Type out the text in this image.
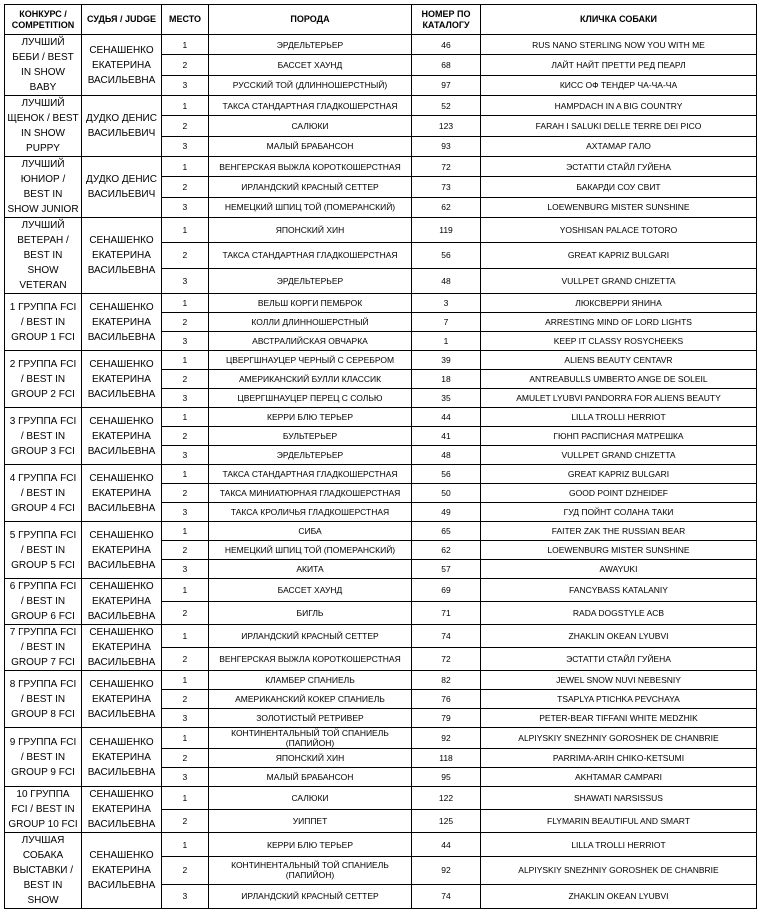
КОНКУРС / COMPETITION	СУДЬЯ / JUDGE	МЕСТО	ПОРОДА	НОМЕР ПО КАТАЛОГУ	КЛИЧКА СОБАКИ
ЛУЧШИЙ БЕБИ / BEST IN SHOW BABY	СЕНАШЕНКО ЕКАТЕРИНА ВАСИЛЬЕВНА	1	ЭРДЕЛЬТЕРЬЕР	46	RUS NANO STERLING NOW YOU WITH ME
		2	БАССЕТ ХАУНД	68	ЛАЙТ НАЙТ ПРЕТТИ РЕД ПЕАРЛ
		3	РУССКИЙ ТОЙ (ДЛИННОШЕРСТНЫЙ)	97	КИСС ОФ ТЕНДЕР ЧА-ЧА-ЧА
ЛУЧШИЙ ЩЕНОК / BEST IN SHOW PUPPY	ДУДКО ДЕНИС ВАСИЛЬЕВИЧ	1	ТАКСА СТАНДАРТНАЯ ГЛАДКОШЕРСТНАЯ	52	HAMPDACH IN A BIG COUNTRY
		2	САЛЮКИ	123	FARAH I SALUKI DELLE TERRE DEI PICO
		3	МАЛЫЙ БРАБАНСОН	93	АХТАМАР ГАЛО
ЛУЧШИЙ ЮНИОР / BEST IN SHOW JUNIOR	ДУДКО ДЕНИС ВАСИЛЬЕВИЧ	1	ВЕНГЕРСКАЯ ВЫЖЛА КОРОТКОШЕРСТНАЯ	72	ЭСТАТТИ СТАЙЛ ГУЙЕНА
		2	ИРЛАНДСКИЙ КРАСНЫЙ СЕТТЕР	73	БАКАРДИ СОУ СВИТ
		3	НЕМЕЦКИЙ ШПИЦ ТОЙ (ПОМЕРАНСКИЙ)	62	LOEWENBURG MISTER SUNSHINE
ЛУЧШИЙ ВЕТЕРАН / BEST IN SHOW VETERAN	СЕНАШЕНКО ЕКАТЕРИНА ВАСИЛЬЕВНА	1	ЯПОНСКИЙ ХИН	119	YOSHISAN PALACE TOTORO
		2	ТАКСА СТАНДАРТНАЯ ГЛАДКОШЕРСТНАЯ	56	GREAT KAPRIZ BULGARI
		3	ЭРДЕЛЬТЕРЬЕР	48	VULLPET GRAND CHIZETTA
1 ГРУППА FCI / BEST IN GROUP 1 FCI	СЕНАШЕНКО ЕКАТЕРИНА ВАСИЛЬЕВНА	1	ВЕЛЬШ КОРГИ ПЕМБРОК	3	ЛЮКСВЕРРИ ЯНИНА
		2	КОЛЛИ ДЛИННОШЕРСТНЫЙ	7	ARRESTING MIND OF LORD LIGHTS
		3	АВСТРАЛИЙСКАЯ ОВЧАРКА	1	KEEP IT CLASSY ROSYCHEEKS
2 ГРУППА FCI / BEST IN GROUP 2 FCI	СЕНАШЕНКО ЕКАТЕРИНА ВАСИЛЬЕВНА	1	ЦВЕРГШНАУЦЕР ЧЕРНЫЙ С СЕРЕБРОМ	39	ALIENS BEAUTY CENTAVR
		2	АМЕРИКАНСКИЙ БУЛЛИ КЛАССИК	18	ANTREABULLS UMBERTO ANGE DE SOLEIL
		3	ЦВЕРГШНАУЦЕР ПЕРЕЦ С СОЛЬЮ	35	AMULET LYUBVI PANDORRA FOR ALIENS BEAUTY
3 ГРУППА FCI / BEST IN GROUP 3 FCI	СЕНАШЕНКО ЕКАТЕРИНА ВАСИЛЬЕВНА	1	КЕРРИ БЛЮ ТЕРЬЕР	44	LILLA TROLLI HERRIOT
		2	БУЛЬТЕРЬЕР	41	ГЮНП РАСПИСНАЯ МАТРЕШКА
		3	ЭРДЕЛЬТЕРЬЕР	48	VULLPET GRAND CHIZETTA
4 ГРУППА FCI / BEST IN GROUP 4 FCI	СЕНАШЕНКО ЕКАТЕРИНА ВАСИЛЬЕВНА	1	ТАКСА СТАНДАРТНАЯ ГЛАДКОШЕРСТНАЯ	56	GREAT KAPRIZ BULGARI
		2	ТАКСА МИНИАТЮРНАЯ ГЛАДКОШЕРСТНАЯ	50	GOOD POINT DZHEIDEF
		3	ТАКСА КРОЛИЧЬЯ ГЛАДКОШЕРСТНАЯ	49	ГУД ПОЙНТ СОЛАНА ТАКИ
5 ГРУППА FCI / BEST IN GROUP 5 FCI	СЕНАШЕНКО ЕКАТЕРИНА ВАСИЛЬЕВНА	1	СИБА	65	FAITER ZAK THE RUSSIAN BEAR
		2	НЕМЕЦКИЙ ШПИЦ ТОЙ (ПОМЕРАНСКИЙ)	62	LOEWENBURG MISTER SUNSHINE
		3	АКИТА	57	AWAYUKI
6 ГРУППА FCI / BEST IN GROUP 6 FCI	СЕНАШЕНКО ЕКАТЕРИНА ВАСИЛЬЕВНА	1	БАССЕТ ХАУНД	69	FANCYBASS KATALANIY
		2	БИГЛЬ	71	RADA DOGSTYLE ACB
7 ГРУППА FCI / BEST IN GROUP 7 FCI	СЕНАШЕНКО ЕКАТЕРИНА ВАСИЛЬЕВНА	1	ИРЛАНДСКИЙ КРАСНЫЙ СЕТТЕР	74	ZHAKLIN OKEAN LYUBVI
		2	ВЕНГЕРСКАЯ ВЫЖЛА КОРОТКОШЕРСТНАЯ	72	ЭСТАТТИ СТАЙЛ ГУЙЕНА
8 ГРУППА FCI / BEST IN GROUP 8 FCI	СЕНАШЕНКО ЕКАТЕРИНА ВАСИЛЬЕВНА	1	КЛАМБЕР СПАНИЕЛЬ	82	JEWEL SNOW NUVI NEBESNIY
		2	АМЕРИКАНСКИЙ КОКЕР СПАНИЕЛЬ	76	TSAPLYA PTICHKA PEVCHAYA
		3	ЗОЛОТИСТЫЙ РЕТРИВЕР	79	PETER-BEAR TIFFANI WHITE MEDZHIK
9 ГРУППА FCI / BEST IN GROUP 9 FCI	СЕНАШЕНКО ЕКАТЕРИНА ВАСИЛЬЕВНА	1	КОНТИНЕНТАЛЬНЫЙ ТОЙ СПАНИЕЛЬ (ПАПИЙОН)	92	ALPIYSKIY SNEZHNIY GOROSHEK DE CHANBRIE
		2	ЯПОНСКИЙ ХИН	118	PARRIMA-ARIH CHIKO-KETSUMI
		3	МАЛЫЙ БРАБАНСОН	95	AKHTAMAR CAMPARI
10 ГРУППА FCI / BEST IN GROUP 10 FCI	СЕНАШЕНКО ЕКАТЕРИНА ВАСИЛЬЕВНА	1	САЛЮКИ	122	SHAWATI NARSISSUS
		2	УИППЕТ	125	FLYMARIN BEAUTIFUL AND SMART
ЛУЧШАЯ СОБАКА ВЫСТАВКИ / BEST IN SHOW	СЕНАШЕНКО ЕКАТЕРИНА ВАСИЛЬЕВНА	1	КЕРРИ БЛЮ ТЕРЬЕР	44	LILLA TROLLI HERRIOT
		2	КОНТИНЕНТАЛЬНЫЙ ТОЙ СПАНИЕЛЬ (ПАПИЙОН)	92	ALPIYSKIY SNEZHNIY GOROSHEK DE CHANBRIE
		3	ИРЛАНДСКИЙ КРАСНЫЙ СЕТТЕР	74	ZHAKLIN OKEAN LYUBVI
